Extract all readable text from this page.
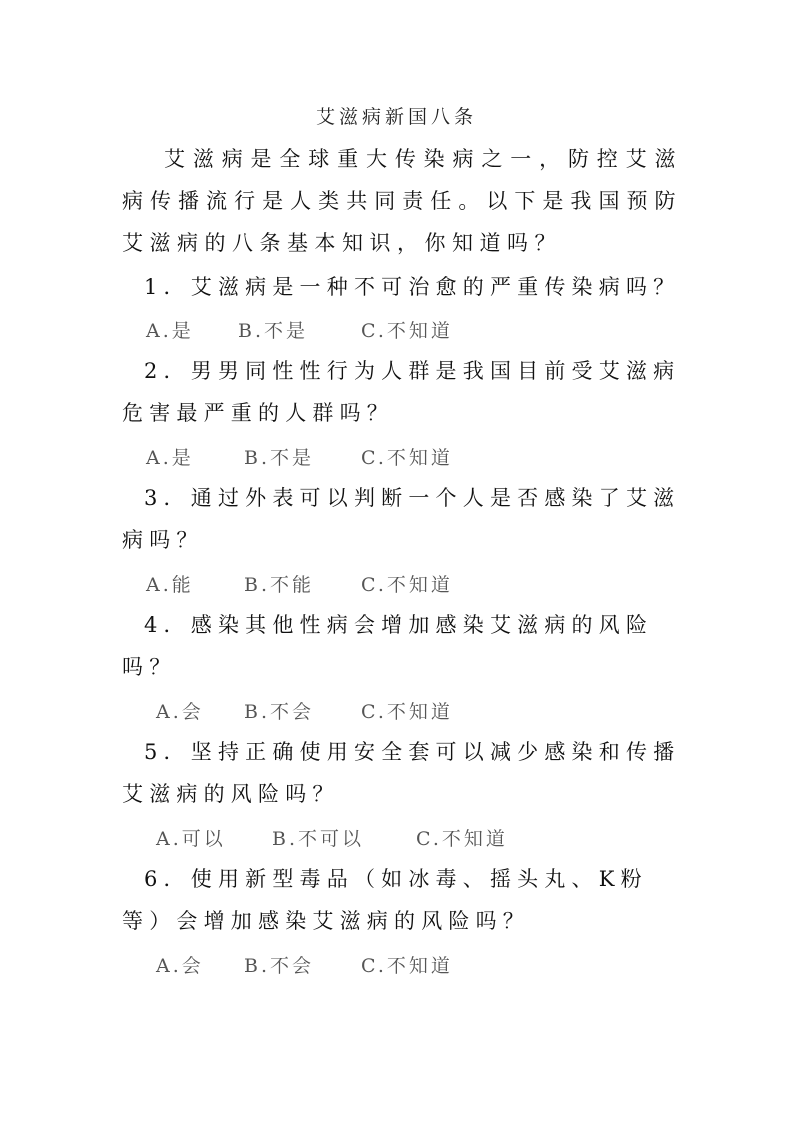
艾滋病新国八条
艾滋病是全球重大传染病之一，防控艾滋病传播流行是人类共同责任。以下是我国预防艾滋病的八条基本知识，你知道吗？
1．艾滋病是一种不可治愈的严重传染病吗？
A.是 B.不是	C.不知道
2．男男同性性行为人群是我国目前受艾滋病危害最严重的人群吗？
A.是	B.不是 C.不知道
3．通过外表可以判断一个人是否感染了艾滋病吗？
A.能	B.不能 C.不知道
4．感染其他性病会增加感染艾滋病的风险吗？
A.会 B.不会 C.不知道
5．坚持正确使用安全套可以减少感染和传播艾滋病的风险吗？
A.可以 B.不可以	C.不知道
6．使用新型毒品（如冰毒、摇头丸、K粉等）会增加感染艾滋病的风险吗？
A.会 B.不会 C.不知道
